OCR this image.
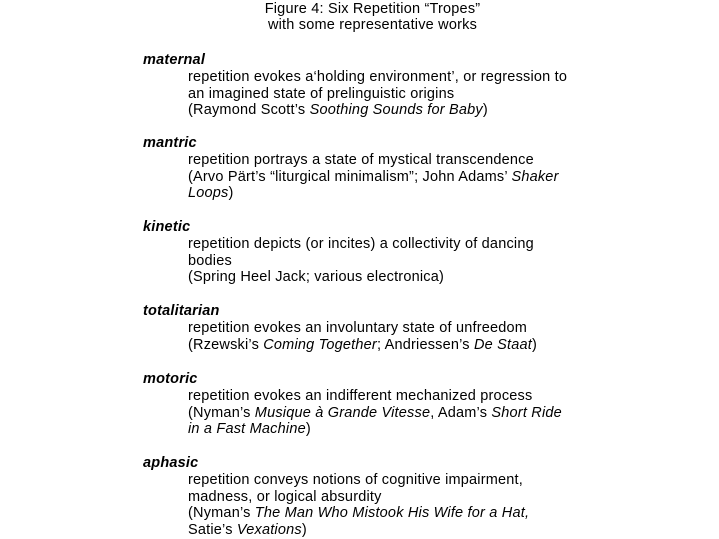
Figure 4: Six Repetition “Tropes”
with some representative works
maternal
repetition evokes a‘holding environment’, or regression to
an imagined state of prelinguistic origins
(Raymond Scott’s Soothing Sounds for Baby)
mantric
repetition portrays a state of mystical transcendence
(Arvo Pärt’s “liturgical minimalism”; John Adams’ Shaker
Loops)
kinetic
repetition depicts (or incites) a collectivity of dancing
bodies
(Spring Heel Jack; various electronica)
totalitarian
repetition evokes an involuntary state of unfreedom
(Rzewski’s Coming Together; Andriessen’s De Staat)
motoric
repetition evokes an indifferent mechanized process
(Nyman’s Musique à Grande Vitesse, Adam’s Short Ride
in a Fast Machine)
aphasic
repetition conveys notions of cognitive impairment,
madness, or logical absurdity
(Nyman’s The Man Who Mistook His Wife for a Hat,
Satie’s Vexations)
